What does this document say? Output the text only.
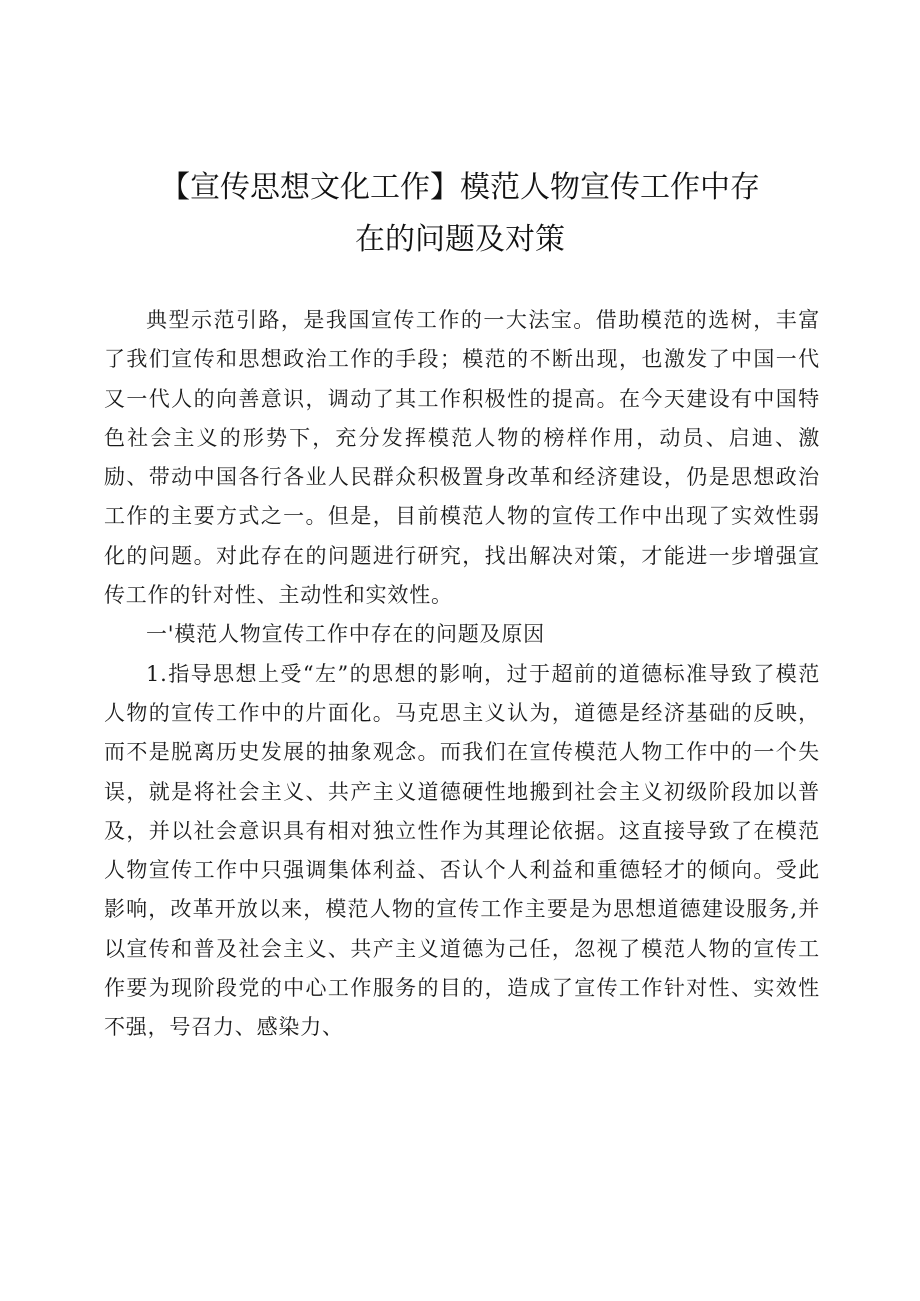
【宣传思想文化工作】模范人物宣传工作中存
在的问题及对策

典型示范引路，是我国宣传工作的一大法宝。借助模范的选树，丰富了我们宣传和思想政治工作的手段；模范的不断出现，也激发了中国一代又一代人的向善意识，调动了其工作积极性的提高。在今天建设有中国特色社会主义的形势下，充分发挥模范人物的榜样作用，动员、启迪、激励、带动中国各行各业人民群众积极置身改革和经济建设，仍是思想政治工作的主要方式之一。但是，目前模范人物的宣传工作中出现了实效性弱化的问题。对此存在的问题进行研究，找出解决对策，才能进一步增强宣传工作的针对性、主动性和实效性。

一'模范人物宣传工作中存在的问题及原因

1.指导思想上受“左”的思想的影响，过于超前的道德标准导致了模范人物的宣传工作中的片面化。马克思主义认为，道德是经济基础的反映，而不是脱离历史发展的抽象观念。而我们在宣传模范人物工作中的一个失误，就是将社会主义、共产主义道德硬性地搬到社会主义初级阶段加以普及，并以社会意识具有相对独立性作为其理论依据。这直接导致了在模范人物宣传工作中只强调集体利益、否认个人利益和重德轻才的倾向。受此影响，改革开放以来，模范人物的宣传工作主要是为思想道德建设服务,并以宣传和普及社会主义、共产主义道德为己任，忽视了模范人物的宣传工作要为现阶段党的中心工作服务的目的，造成了宣传工作针对性、实效性不强，号召力、感染力、
